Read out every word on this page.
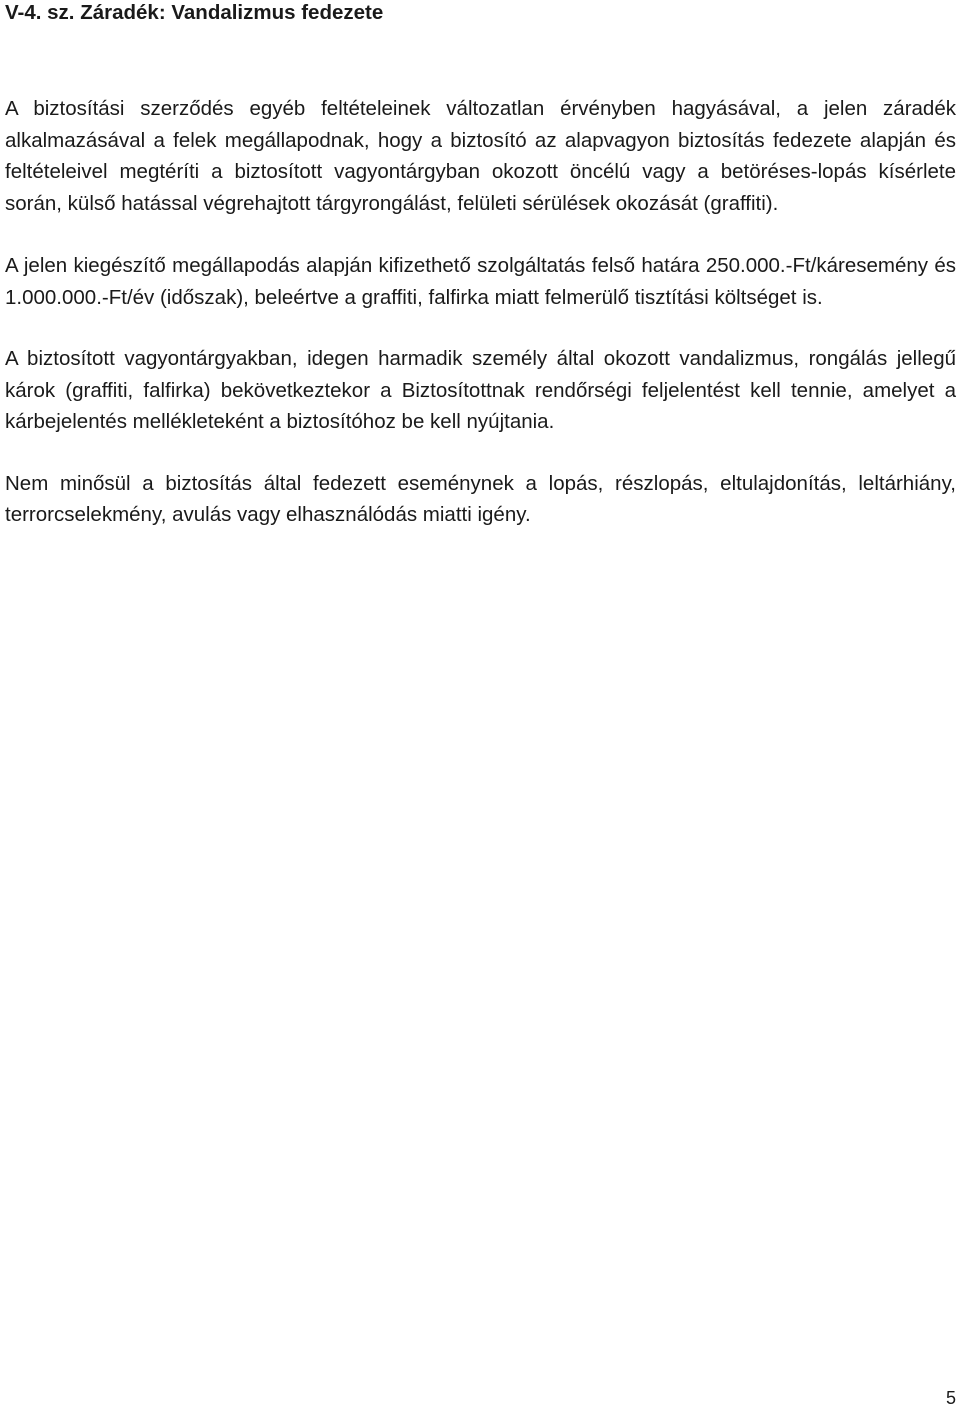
V-4. sz. Záradék: Vandalizmus fedezete

A biztosítási szerződés egyéb feltételeinek változatlan érvényben hagyásával, a jelen záradék alkalmazásával a felek megállapodnak, hogy a biztosító az alapvagyon biztosítás fedezete alapján és feltételeivel megtéríti a biztosított vagyontárgyban okozott öncélú vagy a betöréses-lopás kísérlete során, külső hatással végrehajtott tárgyrongálást, felületi sérülések okozását (graffiti).

A jelen kiegészítő megállapodás alapján kifizethető szolgáltatás felső határa 250.000.-Ft/káresemény és 1.000.000.-Ft/év (időszak), beleértve a graffiti, falfirka miatt felmerülő tisztítási költséget is.

A biztosított vagyontárgyakban, idegen harmadik személy által okozott vandalizmus, rongálás jellegű károk (graffiti, falfirka) bekövetkeztekor a Biztosítottnak rendőrségi feljelentést kell tennie, amelyet a kárbejelentés mellékleteként a biztosítóhoz be kell nyújtania.

Nem minősül a biztosítás által fedezett eseménynek a lopás, részlopás, eltulajdonítás, leltárhiány, terrorcselekmény, avulás vagy elhasználódás miatti igény.

5
